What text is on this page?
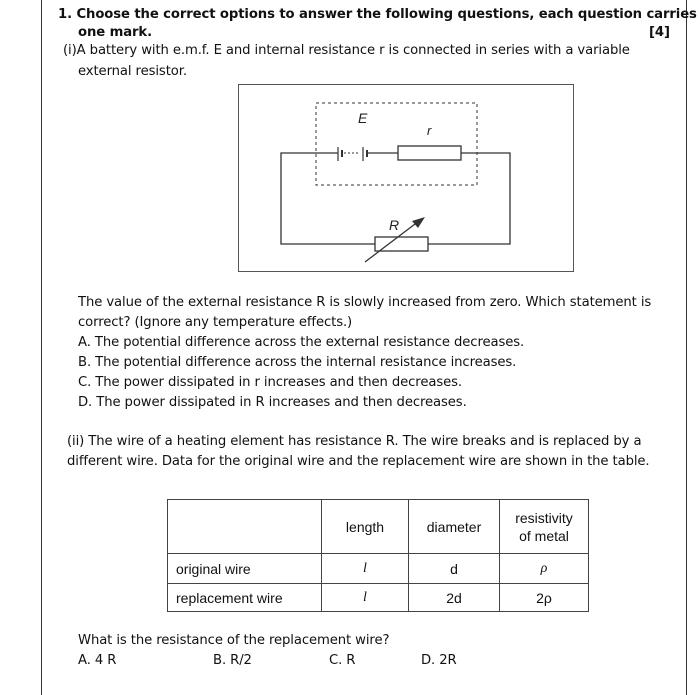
1. Choose the correct options to answer the following questions, each question carries
one mark.	[4]
(i)A battery with e.m.f. E and internal resistance r is connected in series with a variable
external resistor.
E
r
R
The value of the external resistance R is slowly increased from zero. Which statement is
correct? (Ignore any temperature effects.)
A. The potential difference across the external resistance decreases.
B. The potential difference across the internal resistance increases.
C. The power dissipated in r increases and then decreases.
D. The power dissipated in R increases and then decreases.
(ii) The wire of a heating element has resistance R. The wire breaks and is replaced by a
different wire. Data for the original wire and the replacement wire are shown in the table.
	length	diameter	resistivity
of metal

original wire	l	d	ρ
replacement wire	l	2d	2ρ
What is the resistance of the replacement wire?
A. 4 R	B. R/2	C. R	D. 2R
